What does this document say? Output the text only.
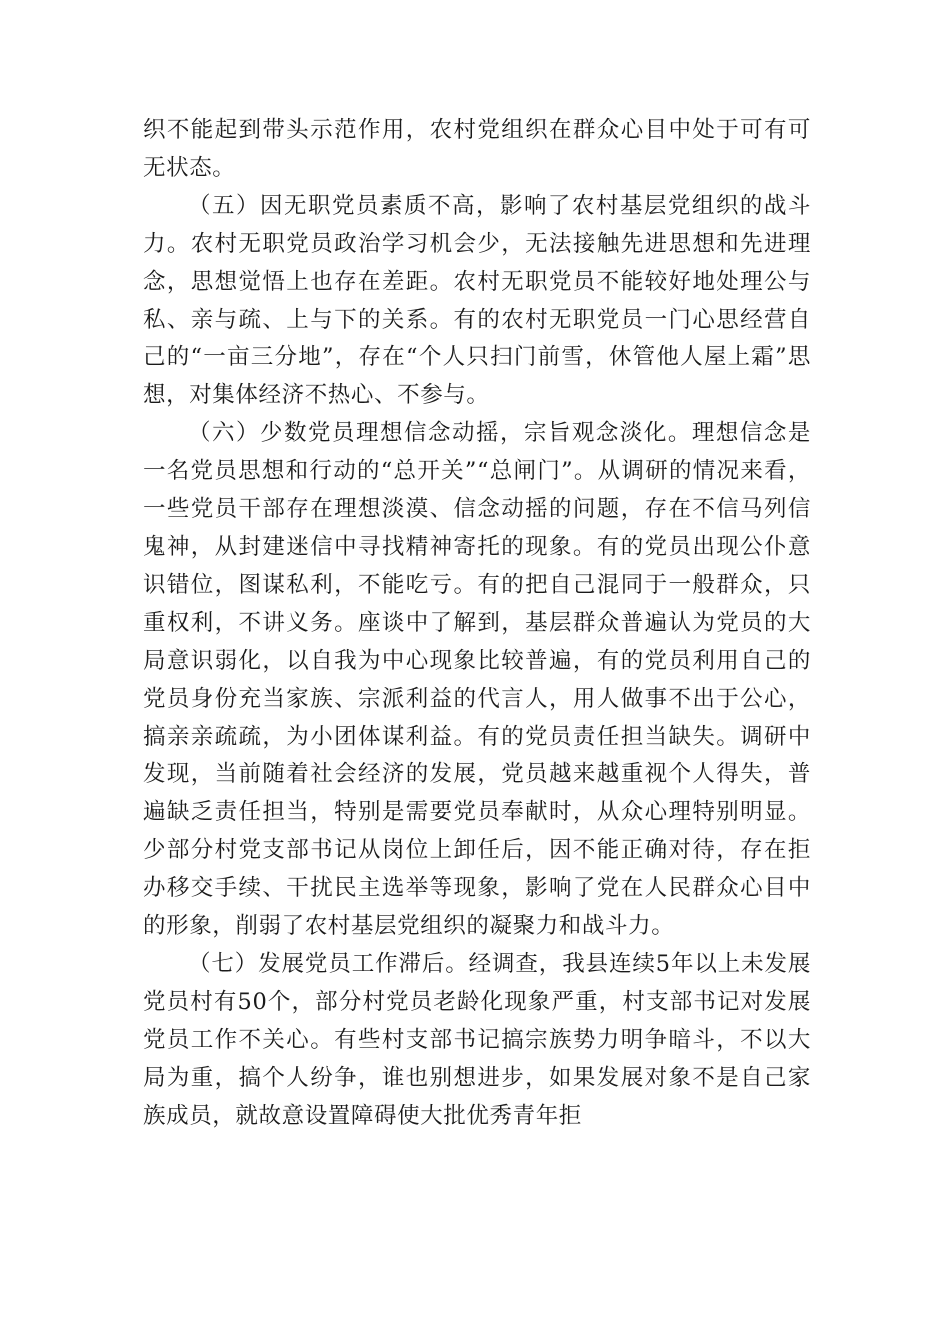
织不能起到带头示范作用，农村党组织在群众心目中处于可有可无状态。

（五）因无职党员素质不高，影响了农村基层党组织的战斗力。农村无职党员政治学习机会少，无法接触先进思想和先进理念，思想觉悟上也存在差距。农村无职党员不能较好地处理公与私、亲与疏、上与下的关系。有的农村无职党员一门心思经营自己的“一亩三分地”，存在“个人只扫门前雪，休管他人屋上霜”思想，对集体经济不热心、不参与。

（六）少数党员理想信念动摇，宗旨观念淡化。理想信念是一名党员思想和行动的“总开关”“总闸门”。从调研的情况来看，一些党员干部存在理想淡漠、信念动摇的问题，存在不信马列信鬼神，从封建迷信中寻找精神寄托的现象。有的党员出现公仆意识错位，图谋私利，不能吃亏。有的把自己混同于一般群众，只重权利，不讲义务。座谈中了解到，基层群众普遍认为党员的大局意识弱化，以自我为中心现象比较普遍，有的党员利用自己的党员身份充当家族、宗派利益的代言人，用人做事不出于公心，搞亲亲疏疏，为小团体谋利益。有的党员责任担当缺失。调研中发现，当前随着社会经济的发展，党员越来越重视个人得失，普遍缺乏责任担当，特别是需要党员奉献时，从众心理特别明显。少部分村党支部书记从岗位上卸任后，因不能正确对待，存在拒办移交手续、干扰民主选举等现象，影响了党在人民群众心目中的形象，削弱了农村基层党组织的凝聚力和战斗力。

（七）发展党员工作滞后。经调查，我县连续5年以上未发展党员村有50个，部分村党员老龄化现象严重，村支部书记对发展党员工作不关心。有些村支部书记搞宗族势力明争暗斗，不以大局为重，搞个人纷争，谁也别想进步，如果发展对象不是自己家族成员，就故意设置障碍使大批优秀青年拒
